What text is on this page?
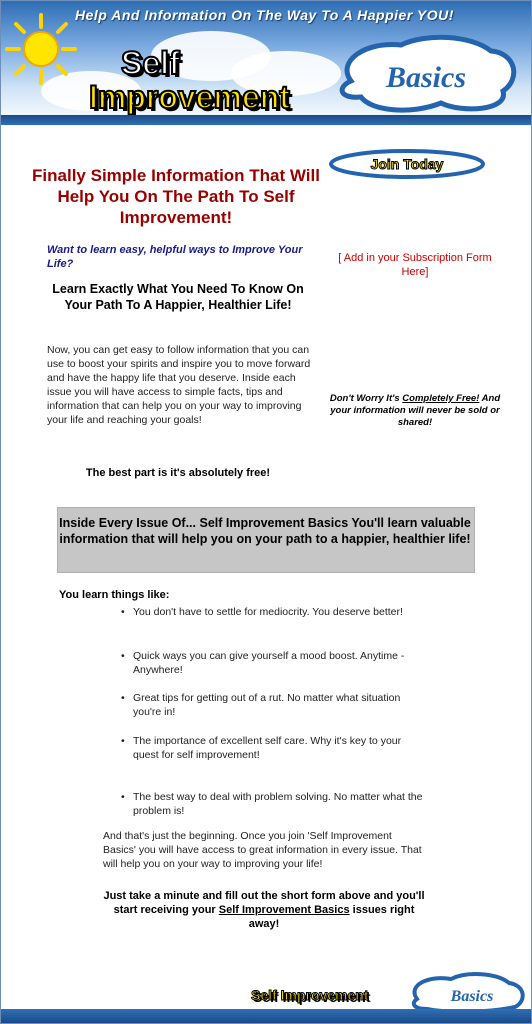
Help And Information On The Way To A Happier YOU!
Self
Improvement
Basics
Finally Simple Information That Will Help You On The Path To Self Improvement!
Want to learn easy, helpful ways to Improve Your Life?
Learn Exactly What You Need To Know On Your Path To A Happier, Healthier Life!
Now, you can get easy to follow information that you can use to boost your spirits and inspire you to move forward and have the happy life that you deserve. Inside each issue you will have access to simple facts, tips and information that can help you on your way to improving your life and reaching your goals!
The best part is it's absolutely free!
Join Today
[ Add in your Subscription Form Here]
Don't Worry It's Completely Free! And your information will never be sold or shared!
Inside Every Issue Of... Self Improvement Basics You'll learn valuable information that will help you on your path to a happier, healthier life!
You learn things like:
• You don't have to settle for mediocrity. You deserve better!
• Quick ways you can give yourself a mood boost. Anytime - Anywhere!
• Great tips for getting out of a rut. No matter what situation you're in!
• The importance of excellent self care. Why it's key to your quest for self improvement!
• The best way to deal with problem solving. No matter what the problem is!
And that's just the beginning. Once you join 'Self Improvement Basics' you will have access to great information in every issue. That will help you on your way to improving your life!
Just take a minute and fill out the short form above and you'll start receiving your Self Improvement Basics issues right away!
Basics
Self Improvement
